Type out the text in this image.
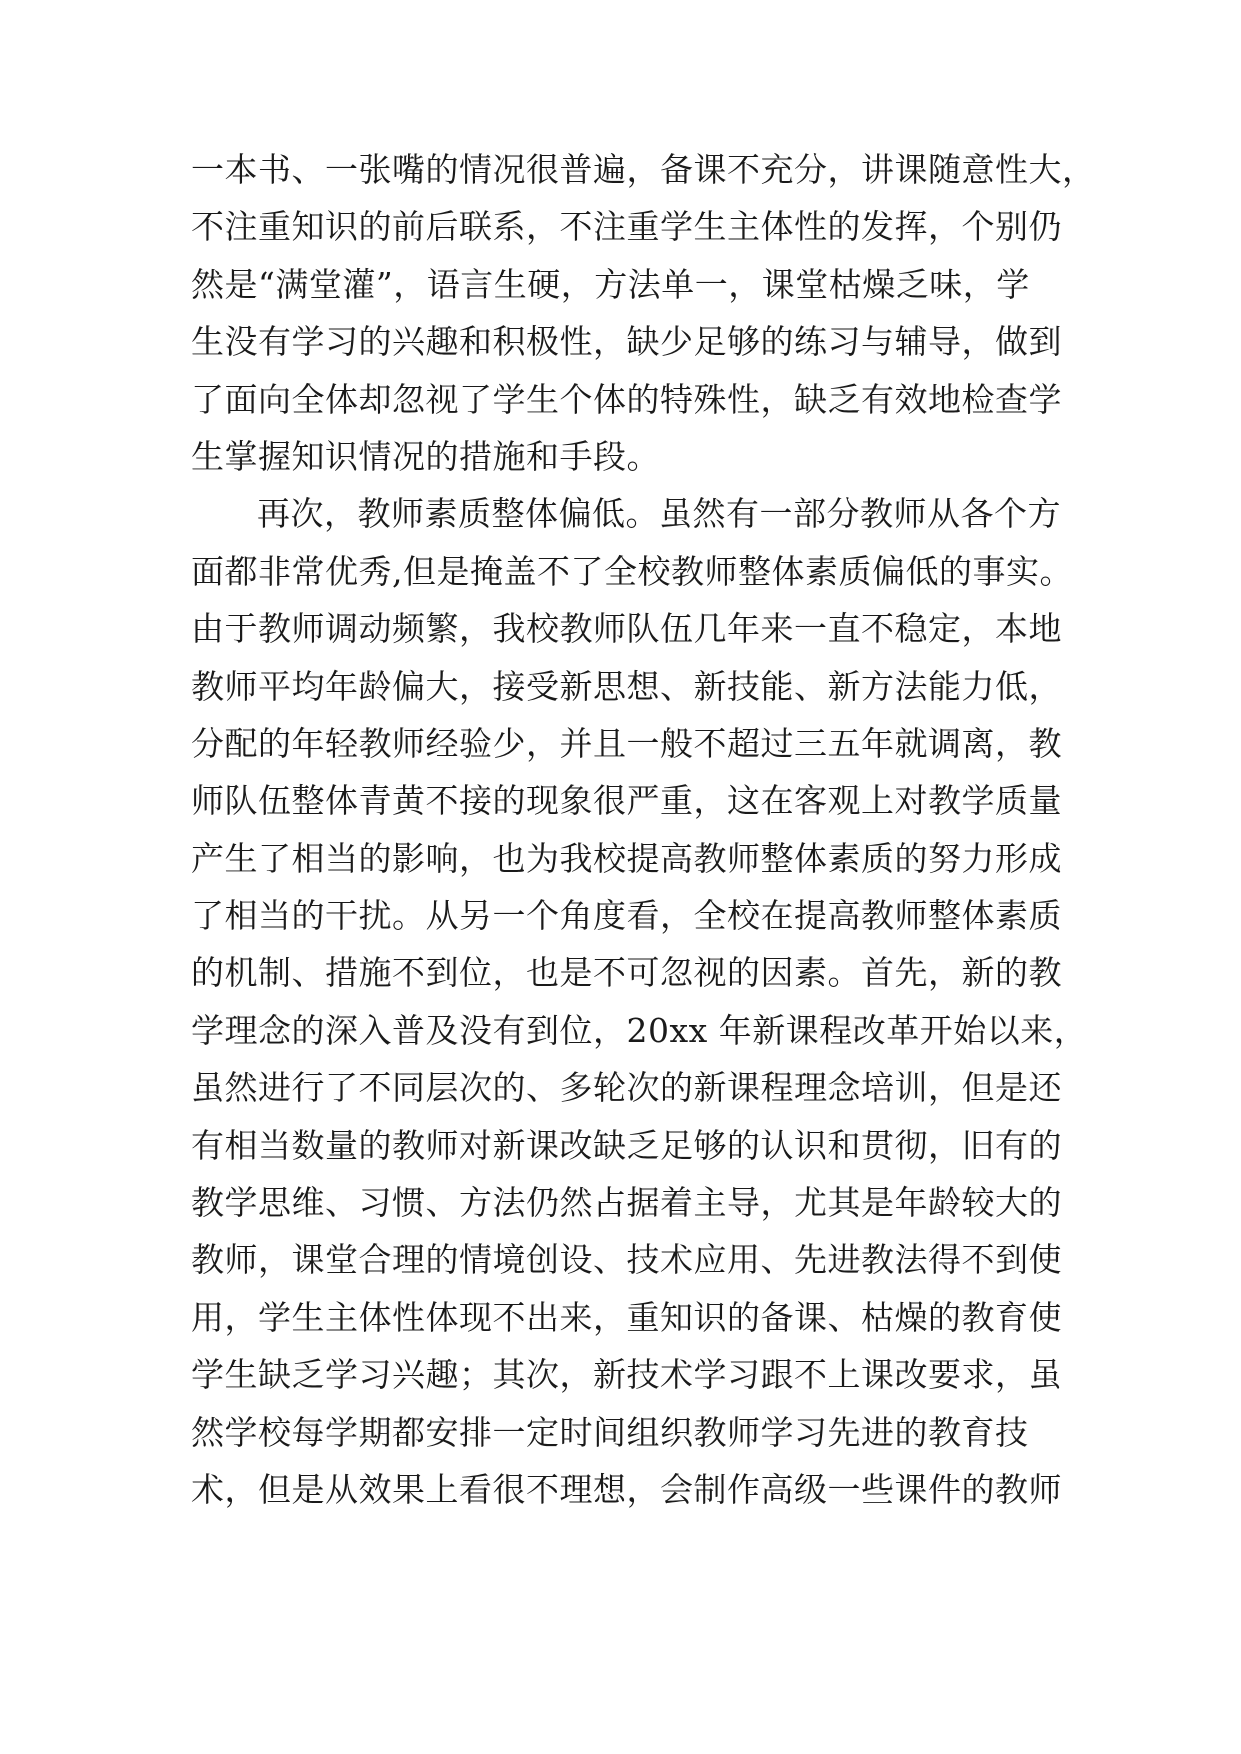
一本书、一张嘴的情况很普遍，备课不充分，讲课随意性大，
不注重知识的前后联系，不注重学生主体性的发挥，个别仍
然是“满堂灌”，语言生硬，方法单一，课堂枯燥乏味，学
生没有学习的兴趣和积极性，缺少足够的练习与辅导，做到
了面向全体却忽视了学生个体的特殊性，缺乏有效地检查学
生掌握知识情况的措施和手段。
再次，教师素质整体偏低。虽然有一部分教师从各个方
面都非常优秀,但是掩盖不了全校教师整体素质偏低的事实。
由于教师调动频繁，我校教师队伍几年来一直不稳定，本地
教师平均年龄偏大，接受新思想、新技能、新方法能力低，
分配的年轻教师经验少，并且一般不超过三五年就调离，教
师队伍整体青黄不接的现象很严重，这在客观上对教学质量
产生了相当的影响，也为我校提高教师整体素质的努力形成
了相当的干扰。从另一个角度看，全校在提高教师整体素质
的机制、措施不到位，也是不可忽视的因素。首先，新的教
学理念的深入普及没有到位，20xx 年新课程改革开始以来，
虽然进行了不同层次的、多轮次的新课程理念培训，但是还
有相当数量的教师对新课改缺乏足够的认识和贯彻，旧有的
教学思维、习惯、方法仍然占据着主导，尤其是年龄较大的
教师，课堂合理的情境创设、技术应用、先进教法得不到使
用，学生主体性体现不出来，重知识的备课、枯燥的教育使
学生缺乏学习兴趣；其次，新技术学习跟不上课改要求，虽
然学校每学期都安排一定时间组织教师学习先进的教育技
术，但是从效果上看很不理想，会制作高级一些课件的教师
